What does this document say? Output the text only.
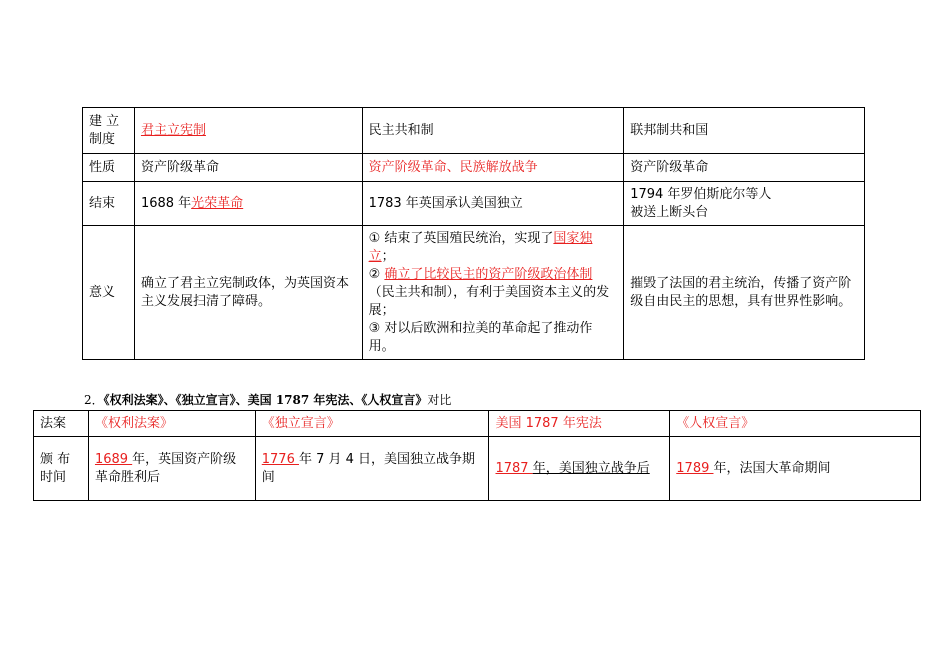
建 立 制度	君主立宪制	民主共和制	联邦制共和国
性质	资产阶级革命	资产阶级革命、民族解放战争	资产阶级革命
结束	1688 年光荣革命	1783 年英国承认美国独立	1794 年罗伯斯庇尔等人被送上断头台
意义	确立了君主立宪制政体，为英国资本主义发展扫清了障碍。	① 结束了英国殖民统治，实现了国家独立；
② 确立了比较民主的资产阶级政治体制（民主共和制），有利于美国资本主义的发展；
③ 对以后欧洲和拉美的革命起了推动作用。	摧毁了法国的君主统治，传播了资产阶级自由民主的思想，具有世界性影响。
2．《权利法案》、《独立宣言》、美国 1787 年宪法、《人权宣言》对比
法案	《权利法案》	《独立宣言》	美国 1787 年宪法	《人权宣言》
颁 布 时间	1689 年，英国资产阶级革命胜利后	1776 年 7 月 4 日，美国独立战争期间	1787 年，美国独立战争后	1789 年，法国大革命期间
